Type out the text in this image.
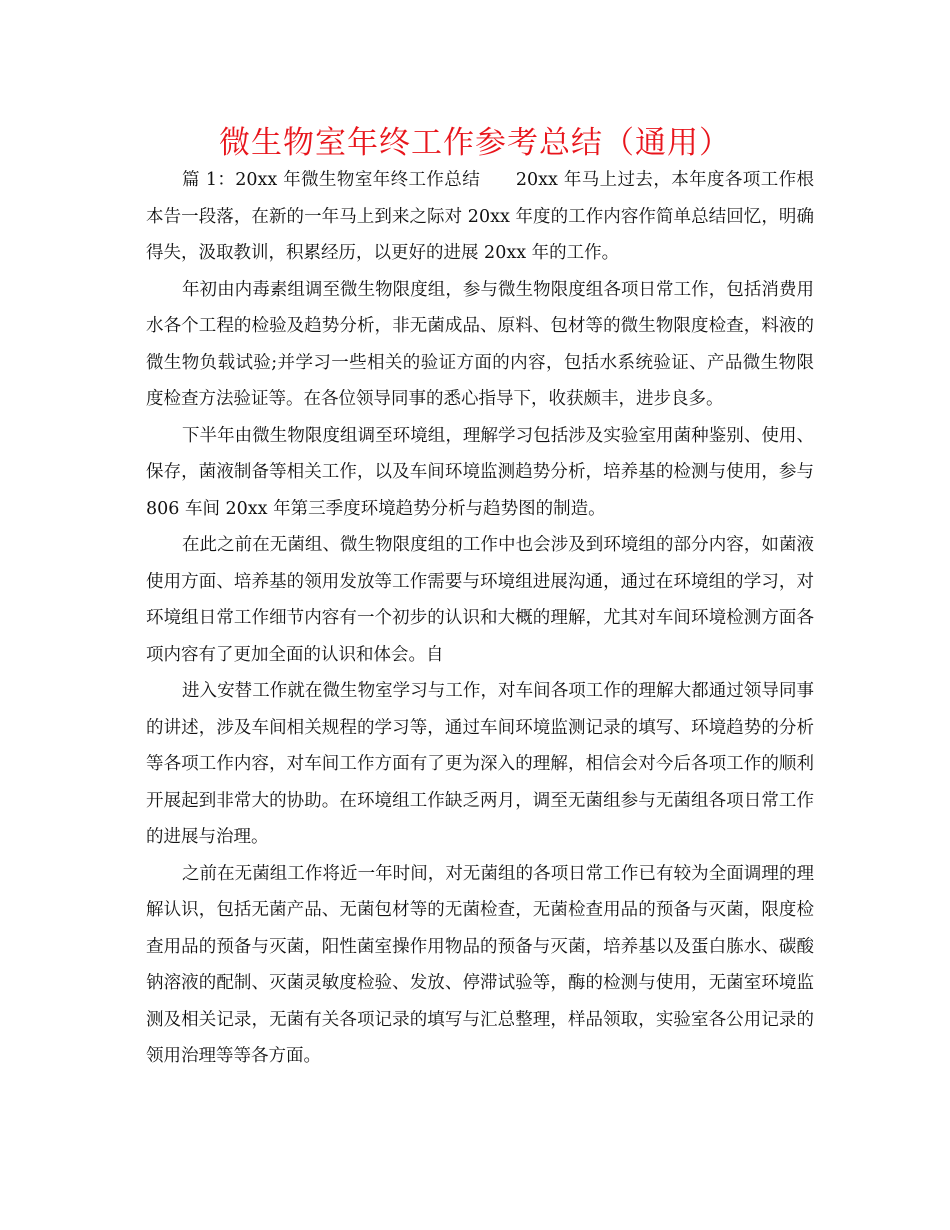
微生物室年终工作参考总结（通用）

篇 1：20xx 年微生物室年终工作总结　　20xx 年马上过去，本年度各项工作根本告一段落，在新的一年马上到来之际对 20xx 年度的工作内容作简单总结回忆，明确得失，汲取教训，积累经历，以更好的进展 20xx 年的工作。

年初由内毒素组调至微生物限度组，参与微生物限度组各项日常工作，包括消费用水各个工程的检验及趋势分析，非无菌成品、原料、包材等的微生物限度检查，料液的微生物负载试验;并学习一些相关的验证方面的内容，包括水系统验证、产品微生物限度检查方法验证等。在各位领导同事的悉心指导下，收获颇丰，进步良多。

下半年由微生物限度组调至环境组，理解学习包括涉及实验室用菌种鉴别、使用、保存，菌液制备等相关工作，以及车间环境监测趋势分析，培养基的检测与使用，参与 806 车间 20xx 年第三季度环境趋势分析与趋势图的制造。

在此之前在无菌组、微生物限度组的工作中也会涉及到环境组的部分内容，如菌液使用方面、培养基的领用发放等工作需要与环境组进展沟通，通过在环境组的学习，对环境组日常工作细节内容有一个初步的认识和大概的理解，尤其对车间环境检测方面各项内容有了更加全面的认识和体会。自

进入安替工作就在微生物室学习与工作，对车间各项工作的理解大都通过领导同事的讲述，涉及车间相关规程的学习等，通过车间环境监测记录的填写、环境趋势的分析等各项工作内容，对车间工作方面有了更为深入的理解，相信会对今后各项工作的顺利开展起到非常大的协助。在环境组工作缺乏两月，调至无菌组参与无菌组各项日常工作的进展与治理。

之前在无菌组工作将近一年时间，对无菌组的各项日常工作已有较为全面调理的理解认识，包括无菌产品、无菌包材等的无菌检查，无菌检查用品的预备与灭菌，限度检查用品的预备与灭菌，阳性菌室操作用物品的预备与灭菌，培养基以及蛋白胨水、碳酸钠溶液的配制、灭菌灵敏度检验、发放、停滞试验等，酶的检测与使用，无菌室环境监测及相关记录，无菌有关各项记录的填写与汇总整理，样品领取，实验室各公用记录的领用治理等等各方面。
